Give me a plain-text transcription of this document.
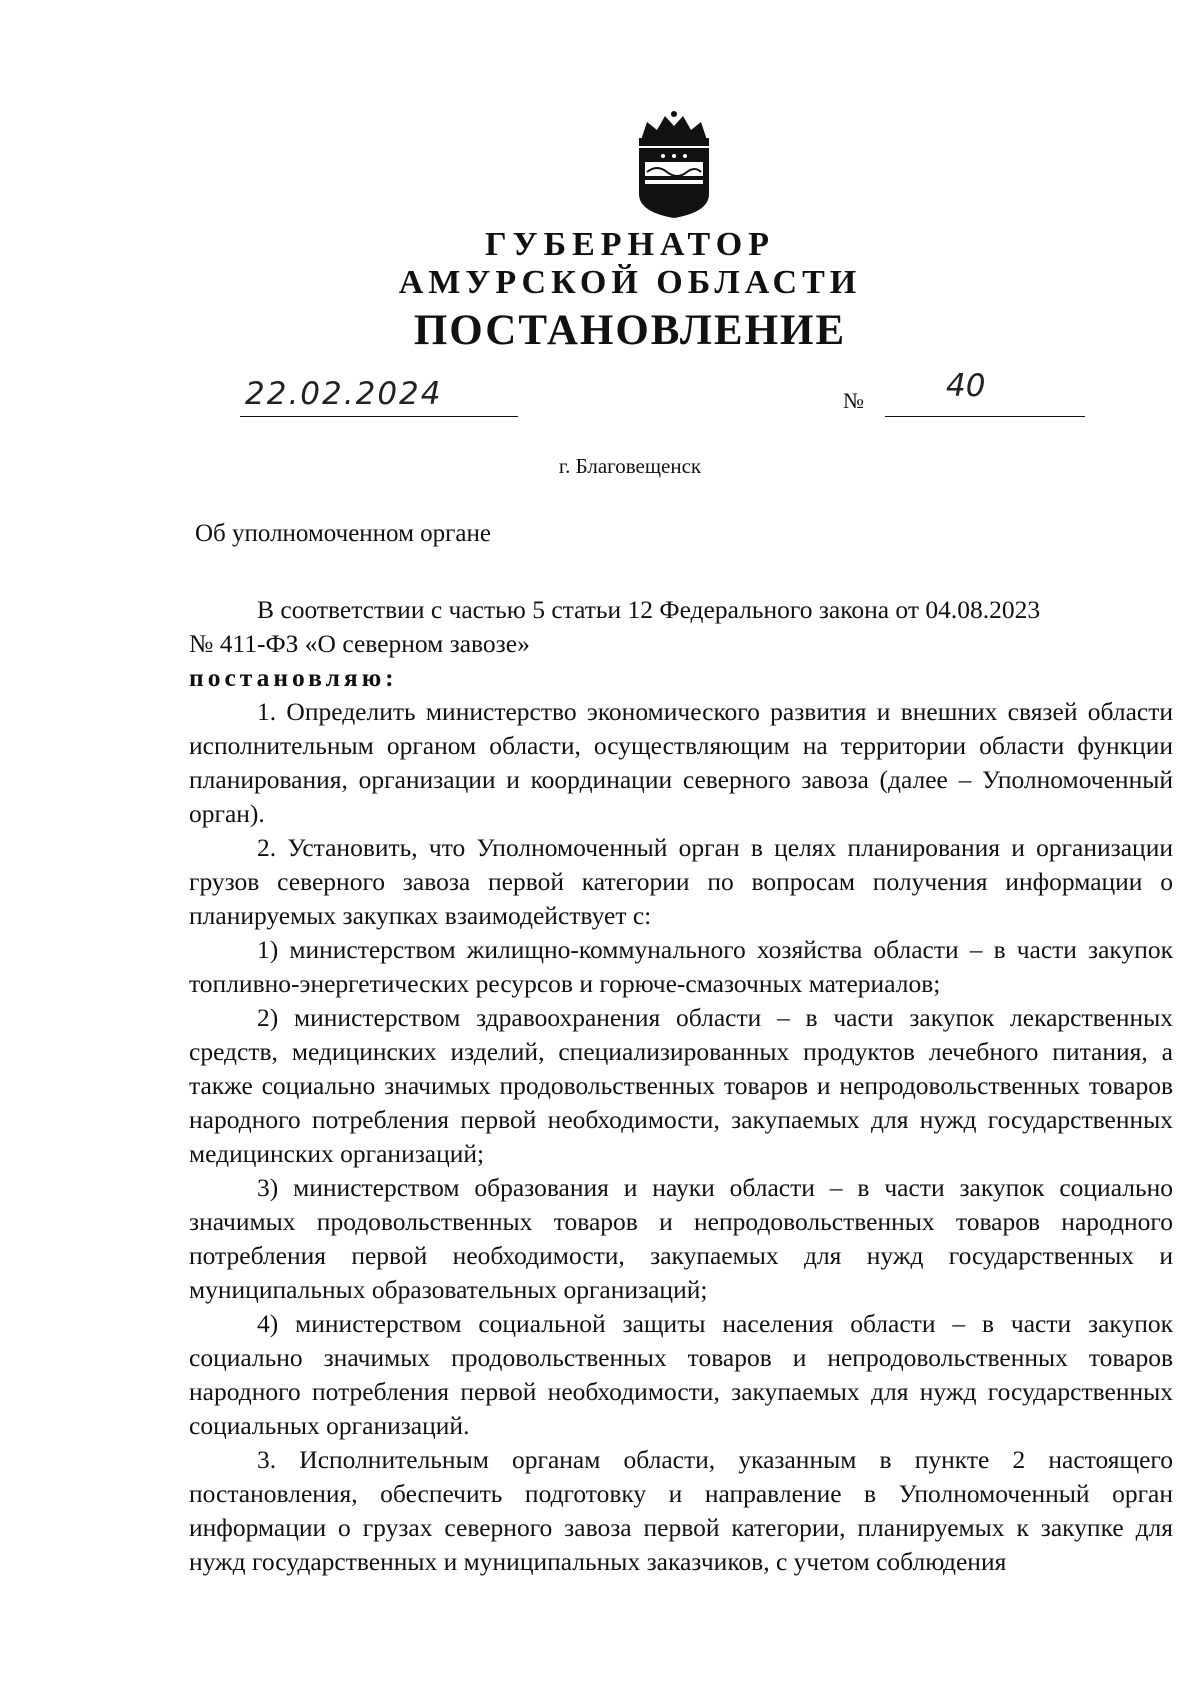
ГУБЕРНАТОР
АМУРСКОЙ ОБЛАСТИ
ПОСТАНОВЛЕНИЕ
22.02.2024	№	40
г. Благовещенск
Об уполномоченном органе

В соответствии с частью 5 статьи 12 Федерального закона от 04.08.2023

№ 411-ФЗ «О северном завозе»

постановляю:

1. Определить министерство экономического развития и внешних связей области исполнительным органом области, осуществляющим на территории области функции планирования, организации и координации северного завоза (далее – Уполномоченный орган).

2. Установить, что Уполномоченный орган в целях планирования и организации грузов северного завоза первой категории по вопросам получения информации о планируемых закупках взаимодействует с:

1) министерством жилищно-коммунального хозяйства области – в части закупок топливно-энергетических ресурсов и горюче-смазочных материалов;

2) министерством здравоохранения области – в части закупок лекарственных средств, медицинских изделий, специализированных продуктов лечебного питания, а также социально значимых продовольственных товаров и непродовольственных товаров народного потребления первой необходимости, закупаемых для нужд государственных медицинских организаций;

3) министерством образования и науки области – в части закупок социально значимых продовольственных товаров и непродовольственных товаров народного потребления первой необходимости, закупаемых для нужд государственных и муниципальных образовательных организаций;

4) министерством социальной защиты населения области – в части закупок социально значимых продовольственных товаров и непродовольственных товаров народного потребления первой необходимости, закупаемых для нужд государственных социальных организаций.

3. Исполнительным органам области, указанным в пункте 2 настоящего постановления, обеспечить подготовку и направление в Уполномоченный орган информации о грузах северного завоза первой категории, планируемых к закупке для нужд государственных и муниципальных заказчиков, с учетом соблюдения
